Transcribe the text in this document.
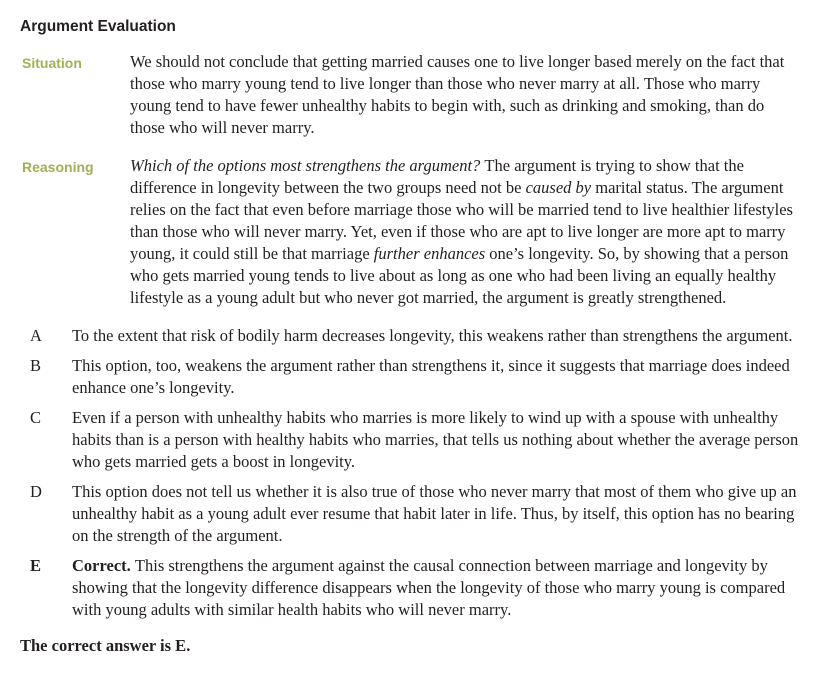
Argument Evaluation
Situation	We should not conclude that getting married causes one to live longer based merely on the fact that those who marry young tend to live longer than those who never marry at all. Those who marry young tend to have fewer unhealthy habits to begin with, such as drinking and smoking, than do those who will never marry.
Reasoning	Which of the options most strengthens the argument? The argument is trying to show that the difference in longevity between the two groups need not be caused by marital status. The argument relies on the fact that even before marriage those who will be married tend to live healthier lifestyles than those who will never marry. Yet, even if those who are apt to live longer are more apt to marry young, it could still be that marriage further enhances one’s longevity. So, by showing that a person who gets married young tends to live about as long as one who had been living an equally healthy lifestyle as a young adult but who never got married, the argument is greatly strengthened.
A	To the extent that risk of bodily harm decreases longevity, this weakens rather than strengthens the argument.
B	This option, too, weakens the argument rather than strengthens it, since it suggests that marriage does indeed enhance one’s longevity.
C	Even if a person with unhealthy habits who marries is more likely to wind up with a spouse with unhealthy habits than is a person with healthy habits who marries, that tells us nothing about whether the average person who gets married gets a boost in longevity.
D	This option does not tell us whether it is also true of those who never marry that most of them who give up an unhealthy habit as a young adult ever resume that habit later in life. Thus, by itself, this option has no bearing on the strength of the argument.
E	Correct. This strengthens the argument against the causal connection between marriage and longevity by showing that the longevity difference disappears when the longevity of those who marry young is compared with young adults with similar health habits who will never marry.
The correct answer is E.
